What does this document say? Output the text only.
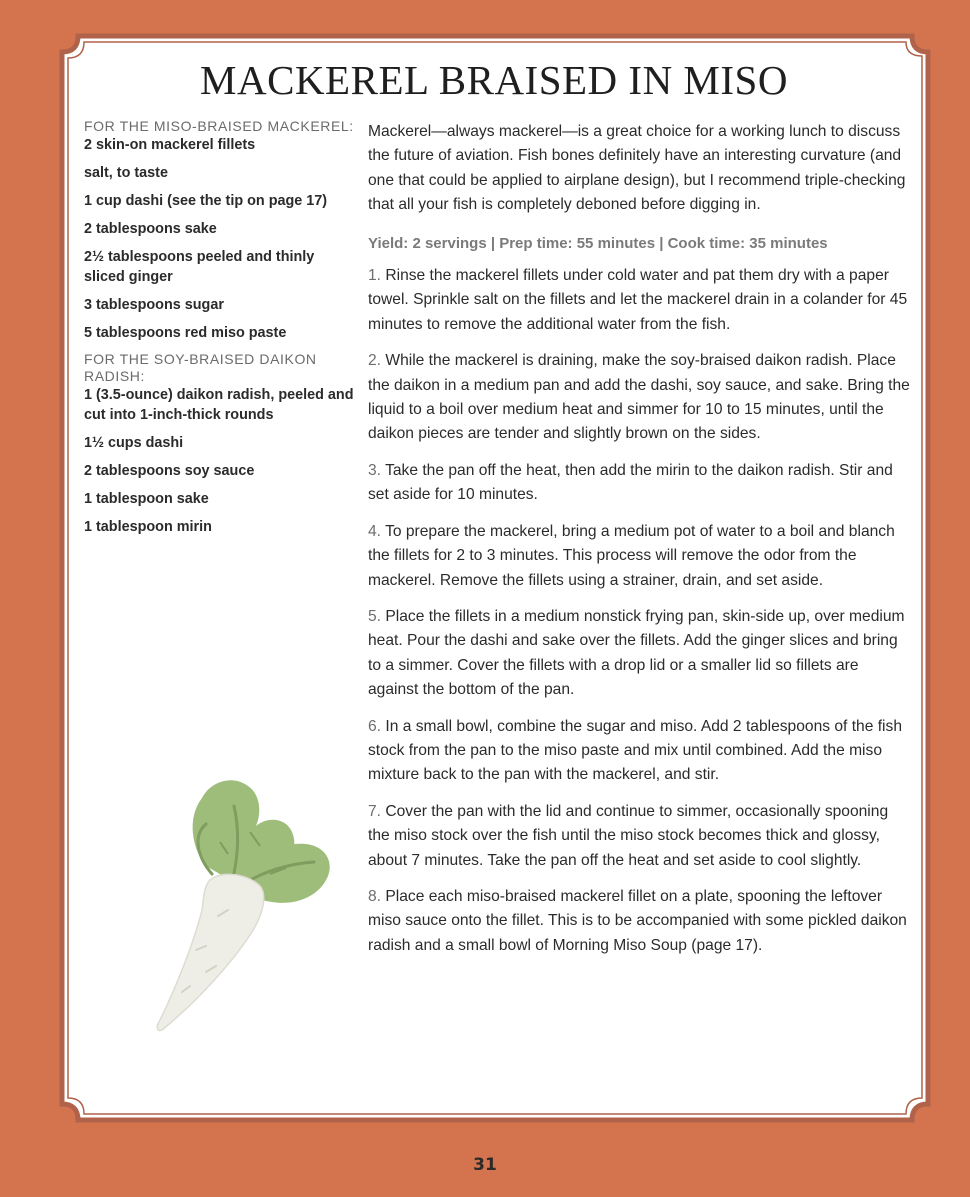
MACKEREL BRAISED IN MISO
FOR THE MISO-BRAISED MACKEREL:

2 skin-on mackerel fillets

salt, to taste

1 cup dashi (see the tip on page 17)

2 tablespoons sake

2½ tablespoons peeled and thinly sliced ginger

3 tablespoons sugar

5 tablespoons red miso paste

FOR THE SOY-BRAISED DAIKON RADISH:

1 (3.5-ounce) daikon radish, peeled and cut into 1-inch-thick rounds

1½ cups dashi

2 tablespoons soy sauce

1 tablespoon sake

1 tablespoon mirin

Mackerel—always mackerel—is a great choice for a working lunch to discuss the future of aviation. Fish bones definitely have an interesting curvature (and one that could be applied to airplane design), but I recommend triple-checking that all your fish is completely deboned before digging in.

Yield: 2 servings | Prep time: 55 minutes | Cook time: 35 minutes

1. Rinse the mackerel fillets under cold water and pat them dry with a paper towel. Sprinkle salt on the fillets and let the mackerel drain in a colander for 45 minutes to remove the additional water from the fish.

2. While the mackerel is draining, make the soy-braised daikon radish. Place the daikon in a medium pan and add the dashi, soy sauce, and sake. Bring the liquid to a boil over medium heat and simmer for 10 to 15 minutes, until the daikon pieces are tender and slightly brown on the sides.

3. Take the pan off the heat, then add the mirin to the daikon radish. Stir and set aside for 10 minutes.

4. To prepare the mackerel, bring a medium pot of water to a boil and blanch the fillets for 2 to 3 minutes. This process will remove the odor from the mackerel. Remove the fillets using a strainer, drain, and set aside.

5. Place the fillets in a medium nonstick frying pan, skin-side up, over medium heat. Pour the dashi and sake over the fillets. Add the ginger slices and bring to a simmer. Cover the fillets with a drop lid or a smaller lid so fillets are against the bottom of the pan.

6. In a small bowl, combine the sugar and miso. Add 2 tablespoons of the fish stock from the pan to the miso paste and mix until combined. Add the miso mixture back to the pan with the mackerel, and stir.

7. Cover the pan with the lid and continue to simmer, occasionally spooning the miso stock over the fish until the miso stock becomes thick and glossy, about 7 minutes. Take the pan off the heat and set aside to cool slightly.

8. Place each miso-braised mackerel fillet on a plate, spooning the leftover miso sauce onto the fillet. This is to be accompanied with some pickled daikon radish and a small bowl of Morning Miso Soup (page 17).

31
